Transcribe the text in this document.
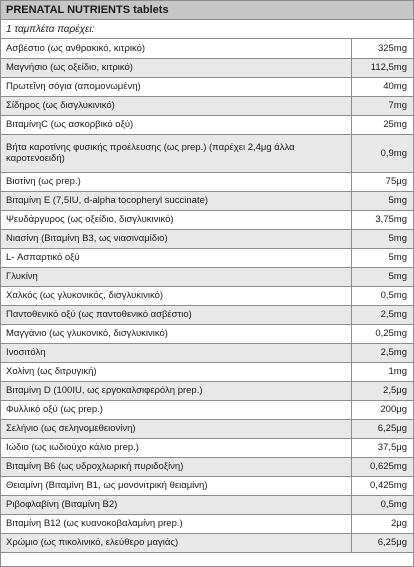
PRENATAL NUTRIENTS tablets
1 ταμπλέτα παρέχει:
Ασβέστιο (ως ανθρακικό, κιτρικό)	325mg
Μαγνήσιο (ως οξείδιο, κιτρικό)	112,5mg
Πρωτεΐνη σόγια (απομονωμένη)	40mg
Σίδηρος (ως δισγλυκινικό)	7mg
ΒιταμίνηC (ως ασκορβικό οξύ)	25mg
Βήτα καροτίνης φυσικής προέλευσης (ως prep.) (παρέχει 2,4μg άλλα καροτενοειδή)	0,9mg
Βιοτίνη (ως prep.)	75μg
Βιταμίνη Ε (7,5IU, d-alpha tocopheryl succinate)	5mg
Ψευδάργυρος (ως οξείδιο, δισγλυκινικό)	3,75mg
Νιασίνη (Βιταμίνη Β3, ως νιασιναμίδιο)	5mg
L- Ασπαρτικό οξύ	5mg
Γλυκίνη	5mg
Χαλκός (ως γλυκονικός, δισγλυκινικό)	0,5mg
Παντοθενικό οξύ (ως παντοθενικό ασβέστιο)	2,5mg
Μαγγάνιο (ως γλυκονικό, δισγλυκινικό)	0,25mg
Ινοσιτόλη	2,5mg
Χολίνη (ως διτρυγική)	1mg
Βιταμίνη D (100IU, ως εργοκαλσιφερόλη prep.)	2,5μg
Φυλλικό οξύ (ως prep.)	200μg
Σελήνιο (ως σεληνομεθειονίνη)	6,25μg
Ιώδιο (ως ιωδιούχο κάλιο prep.)	37,5μg
Βιταμίνη Β6 (ως υδροχλωρική πυριδοξίνη)	0,625mg
Θειαμίνη (Βιταμίνη Β1, ως μονονιτρική θειαμίνη)	0,425mg
Ριβοφλαβίνη (Βιταμίνη Β2)	0,5mg
Βιταμίνη Β12 (ως κυανοκοβαλαμίνη prep.)	2μg
Χρώμιο (ως πικολινικό, ελεύθερο μαγιάς)	6,25μg
